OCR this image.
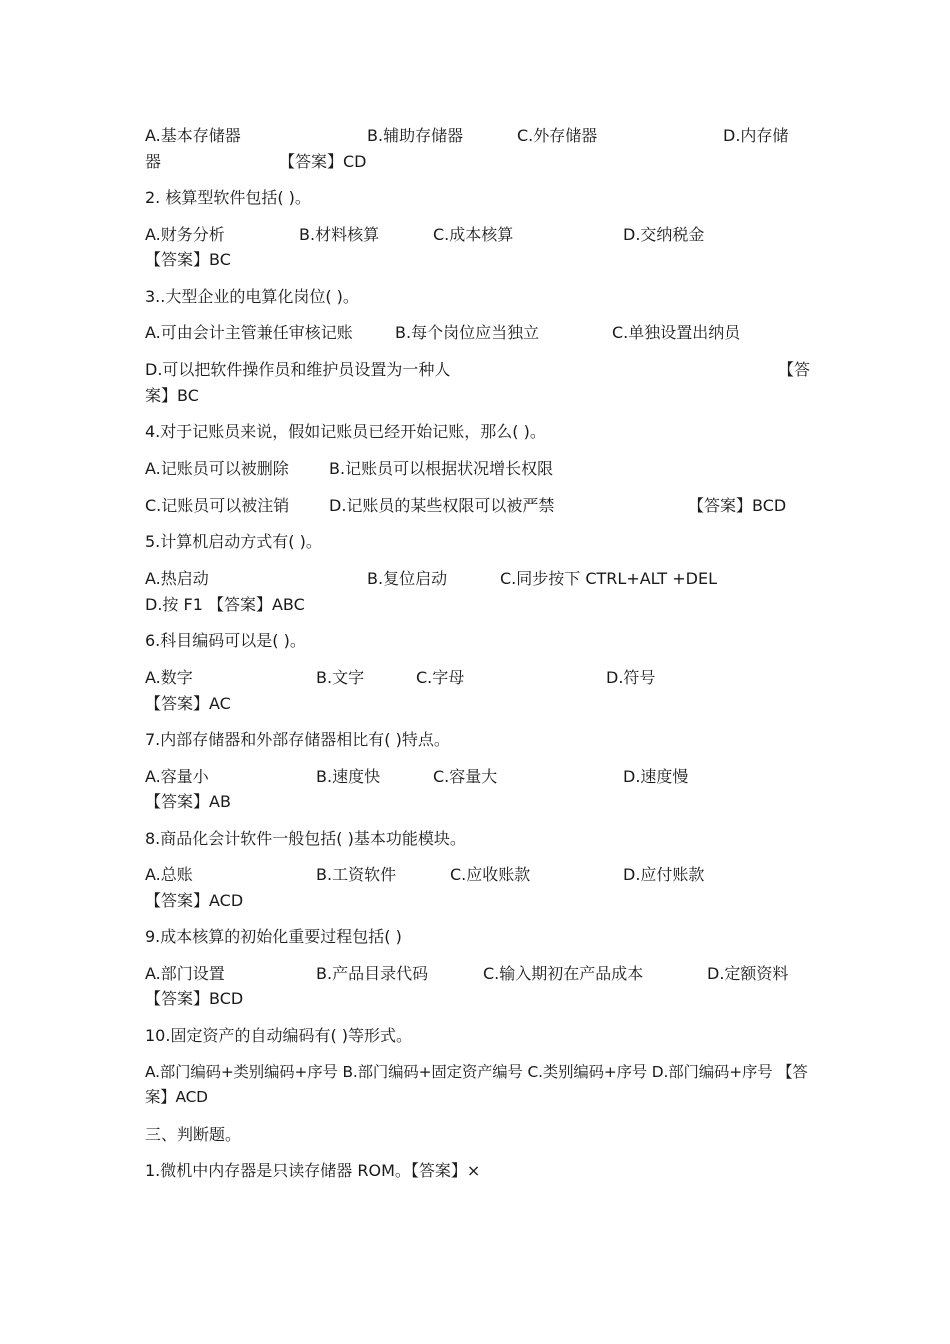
A.基本存储器	B.辅助存储器	C.外存储器	D.内存储
器	【答案】CD
2. 核算型软件包括( )。
A.财务分析	B.材料核算	C.成本核算	D.交纳税金
【答案】BC
3..大型企业的电算化岗位( )。
A.可由会计主管兼任审核记账	B.每个岗位应当独立	C.单独设置出纳员
D.可以把软件操作员和维护员设置为一种人	【答
案】BC
4.对于记账员来说，假如记账员已经开始记账，那么( )。
A.记账员可以被删除	B.记账员可以根据状况增长权限
C.记账员可以被注销 D.记账员的某些权限可以被严禁	【答案】BCD
5.计算机启动方式有( )。
A.热启动	B.复位启动	C.同步按下 CTRL+ALT +DEL
D.按 F1 【答案】ABC
6.科目编码可以是( )。
A.数字	B.文字	C.字母	D.符号
【答案】AC
7.内部存储器和外部存储器相比有( )特点。
A.容量小	B.速度快	C.容量大	D.速度慢
【答案】AB
8.商品化会计软件一般包括( )基本功能模块。
A.总账	B.工资软件	C.应收账款	D.应付账款
【答案】ACD
9.成本核算的初始化重要过程包括( )
A.部门设置	B.产品目录代码	C.输入期初在产品成本	D.定额资料
【答案】BCD
10.固定资产的自动编码有( )等形式。
A.部门编码+类别编码+序号 B.部门编码+固定资产编号 C.类别编码+序号 D.部门编码+序号 【答案】ACD
三、判断题。
1.微机中内存器是只读存储器 ROM。【答案】×
